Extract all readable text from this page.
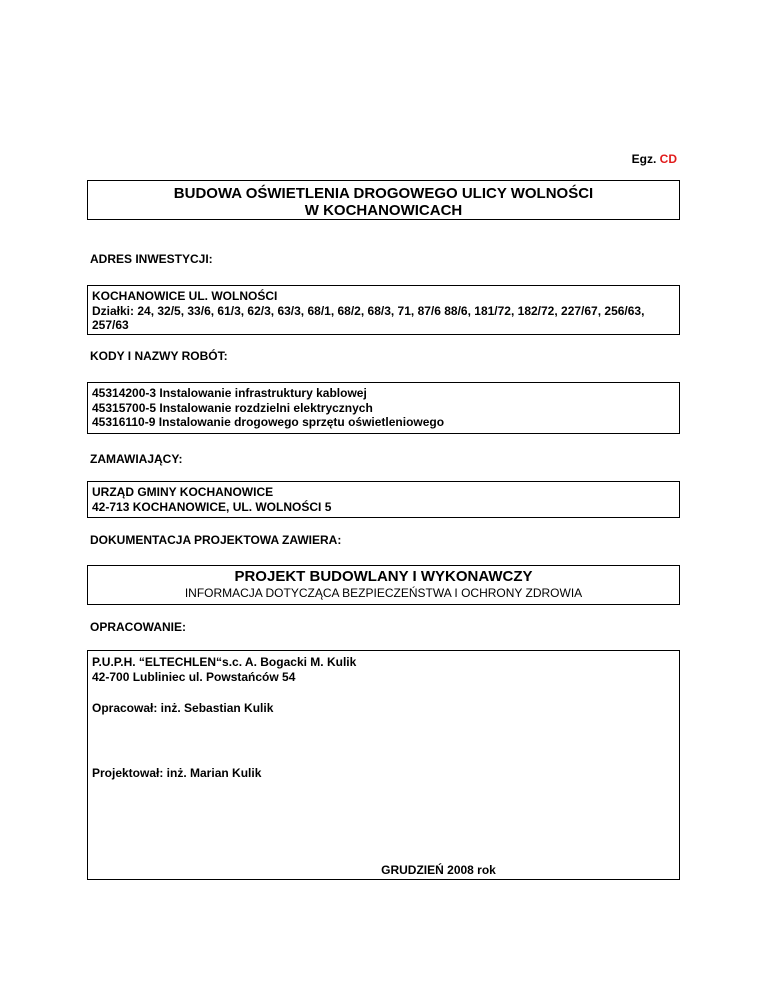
Egz. CD
BUDOWA OŚWIETLENIA DROGOWEGO ULICY WOLNOŚCI
W KOCHANOWICACH
ADRES INWESTYCJI:
KOCHANOWICE UL. WOLNOŚCI
Działki: 24, 32/5, 33/6, 61/3, 62/3, 63/3, 68/1, 68/2, 68/3, 71, 87/6 88/6, 181/72, 182/72, 227/67, 256/63, 257/63
KODY I NAZWY ROBÓT:
45314200-3 Instalowanie infrastruktury kablowej
45315700-5 Instalowanie rozdzielni elektrycznych
45316110-9 Instalowanie drogowego sprzętu oświetleniowego
ZAMAWIAJĄCY:
URZĄD GMINY KOCHANOWICE
42-713 KOCHANOWICE, UL. WOLNOŚCI 5
DOKUMENTACJA PROJEKTOWA ZAWIERA:
PROJEKT BUDOWLANY I WYKONAWCZY
INFORMACJA DOTYCZĄCA BEZPIECZEŃSTWA I OCHRONY ZDROWIA
OPRACOWANIE:
P.U.P.H. “ELTECHLEN“s.c. A. Bogacki M. Kulik
42-700 Lubliniec ul. Powstańców 54
Opracował: inż. Sebastian Kulik
Projektował: inż. Marian Kulik
GRUDZIEŃ 2008 rok
